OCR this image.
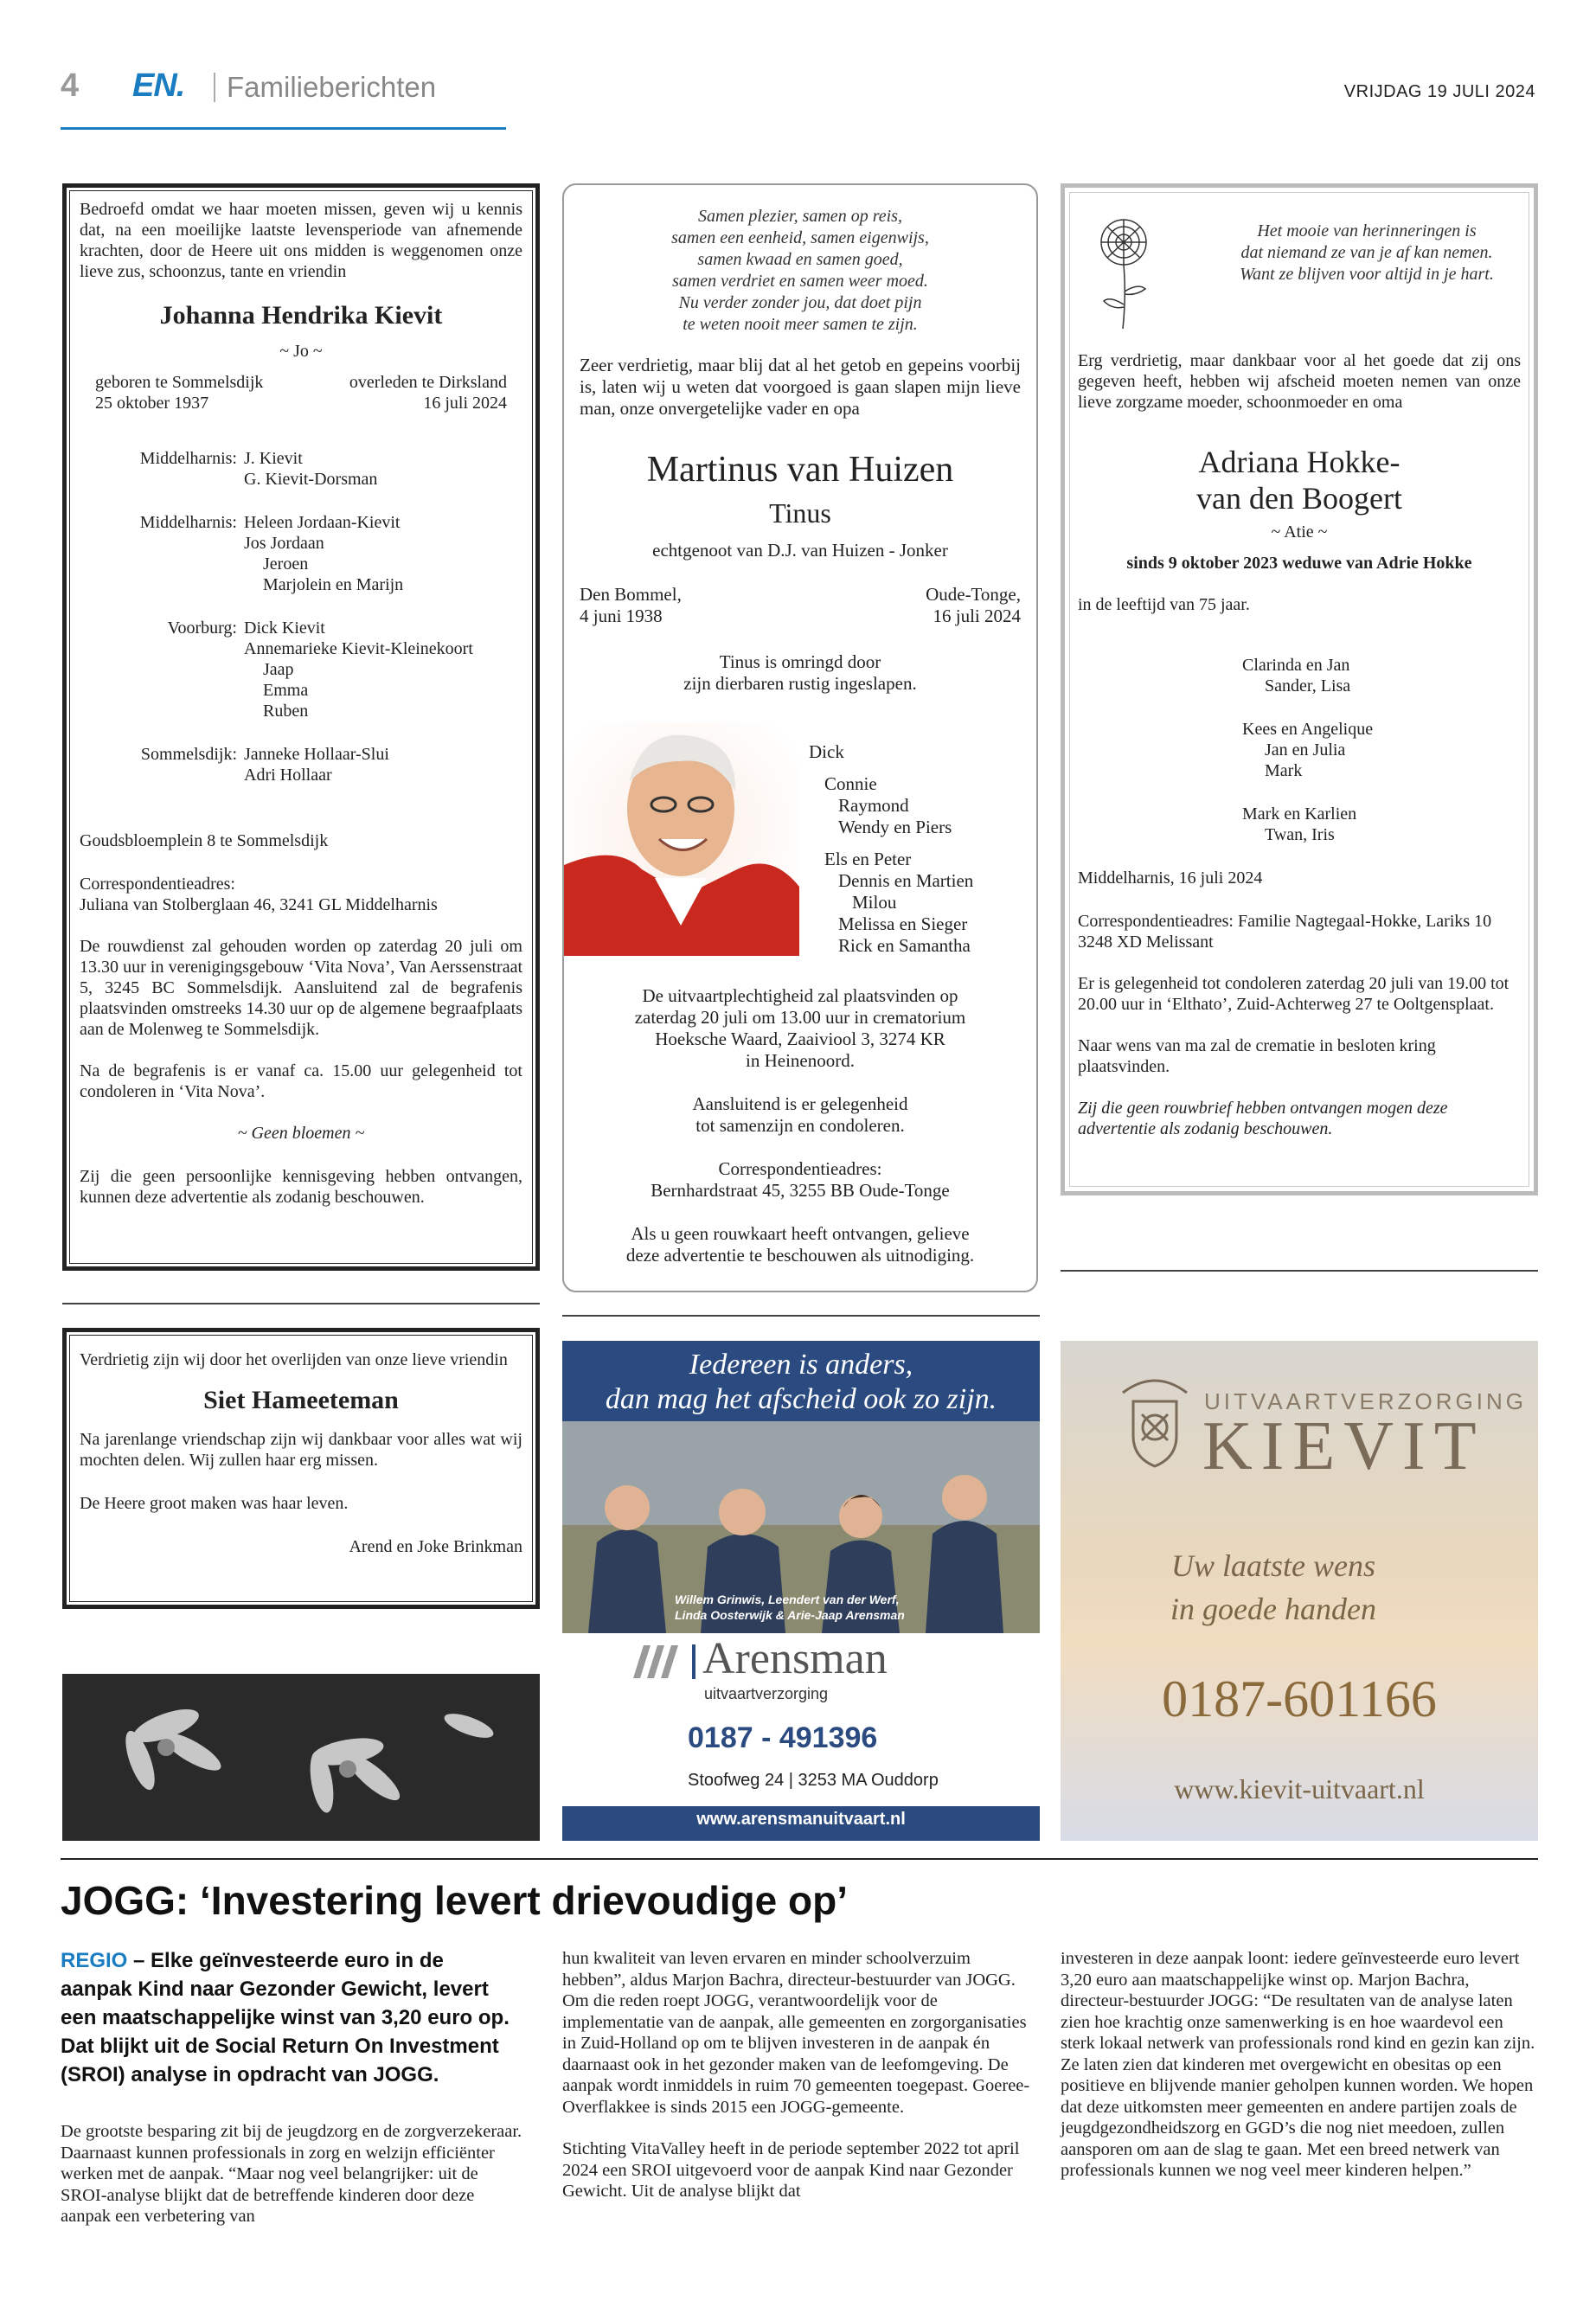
4 EN. Familieberichten	VRIJDAG 19 JULI 2024

Bedroefd omdat we haar moeten missen, geven wij u kennis dat, na een moeilijke laatste levensperiode van afnemende krachten, door de Heere uit ons midden is weggenomen onze lieve zus, schoonzus, tante en vriendin

Johanna Hendrika Kievit

~ Jo ~

geboren te Sommelsdijk
25 oktober 1937
overleden te Dirksland
16 juli 2024
Middelharnis: J. Kievit
G. Kievit-Dorsman
Middelharnis: Heleen Jordaan-Kievit
Jos Jordaan
Jeroen
Marjolein en Marijn
Voorburg: Dick Kievit
Annemarieke Kievit-Kleinekoort
Jaap
Emma
Ruben
Sommelsdijk: Janneke Hollaar-Slui
Adri Hollaar

Goudsbloemplein 8 te Sommelsdijk

Correspondentieadres:

Juliana van Stolberglaan 46, 3241 GL Middelharnis

De rouwdienst zal gehouden worden op zaterdag 20 juli om 13.30 uur in verenigingsgebouw ‘Vita Nova’, Van Aerssenstraat 5, 3245 BC Sommelsdijk. Aansluitend zal de begrafenis plaatsvinden omstreeks 14.30 uur op de algemene begraafplaats aan de Molenweg te Sommelsdijk.

Na de begrafenis is er vanaf ca. 15.00 uur gelegenheid tot condoleren in ‘Vita Nova’.

~ Geen bloemen ~

Zij die geen persoonlijke kennisgeving hebben ontvangen, kunnen deze advertentie als zodanig beschouwen.

Samen plezier, samen op reis,
samen een eenheid, samen eigenwijs,
samen kwaad en samen goed,
samen verdriet en samen weer moed.
Nu verder zonder jou, dat doet pijn
te weten nooit meer samen te zijn.

Zeer verdrietig, maar blij dat al het getob en gepeins voorbij is, laten wij u weten dat voorgoed is gaan slapen mijn lieve man, onze onvergetelijke vader en opa

Martinus van Huizen

Tinus

echtgenoot van D.J. van Huizen - Jonker

Den Bommel,
4 juni 1938
Oude-Tonge,
16 juli 2024
Tinus is omringd door
zijn dierbaren rustig ingeslapen.
Dick
Connie
Raymond
Wendy en Piers
Els en Peter
Dennis en Martien
Milou
Melissa en Sieger
Rick en Samantha
De uitvaartplechtigheid zal plaatsvinden op
zaterdag 20 juli om 13.00 uur in crematorium
Hoeksche Waard, Zaaiviool 3, 3274 KR
in Heinenoord.
Aansluitend is er gelegenheid
tot samenzijn en condoleren.
Correspondentieadres:
Bernhardstraat 45, 3255 BB Oude-Tonge
Als u geen rouwkaart heeft ontvangen, gelieve
deze advertentie te beschouwen als uitnodiging.
Het mooie van herinneringen is
dat niemand ze van je af kan nemen.
Want ze blijven voor altijd in je hart.

Erg verdrietig, maar dankbaar voor al het goede dat zij ons gegeven heeft, hebben wij afscheid moeten nemen van onze lieve zorgzame moeder, schoonmoeder en oma

Adriana Hokke-

van den Boogert

~ Atie ~

sinds 9 oktober 2023 weduwe van Adrie Hokke

in de leeftijd van 75 jaar.

Clarinda en Jan
Sander, Lisa
Kees en Angelique
Jan en Julia
Mark
Mark en Karlien
Twan, Iris

Middelharnis, 16 juli 2024

Correspondentieadres: Familie Nagtegaal-Hokke, Lariks 10 3248 XD Melissant

Er is gelegenheid tot condoleren zaterdag 20 juli van 19.00 tot 20.00 uur in ‘Elthato’, Zuid-Achterweg 27 te Ooltgensplaat.

Naar wens van ma zal de crematie in besloten kring plaatsvinden.

Zij die geen rouwbrief hebben ontvangen mogen deze advertentie als zodanig beschouwen.

Verdrietig zijn wij door het overlijden van onze lieve vriendin

Siet Hameeteman

Na jarenlange vriendschap zijn wij dankbaar voor alles wat wij mochten delen. Wij zullen haar erg missen.

De Heere groot maken was haar leven.

Arend en Joke Brinkman

Iedereen is anders,
dan mag het afscheid ook zo zijn.
Willem Grinwis, Leendert van der Werf,
Linda Oosterwijk & Arie-Jaap Arensman
Arensman
uitvaartverzorging
0187 - 491396
Stoofweg 24 | 3253 MA Ouddorp
www.arensmanuitvaart.nl
UITVAARTVERZORGING
KIEVIT
Uw laatste wens
in goede handen
0187-601166
www.kievit-uitvaart.nl
JOGG: ‘Investering levert drievoudige op’
REGIO – Elke geïnvesteerde euro in de aanpak Kind naar Gezonder Gewicht, levert een maatschappelijke winst van 3,20 euro op. Dat blijkt uit de Social Return On Investment (SROI) analyse in opdracht van JOGG.

De grootste besparing zit bij de jeugdzorg en de zorgverzekeraar. Daarnaast kunnen professionals in zorg en welzijn efficiënter werken met de aanpak. “Maar nog veel belangrijker: uit de SROI-analyse blijkt dat de betreffende kinderen door deze aanpak een verbetering van

hun kwaliteit van leven ervaren en minder schoolverzuim hebben”, aldus Marjon Bachra, directeur-bestuurder van JOGG. Om die reden roept JOGG, verantwoordelijk voor de implementatie van de aanpak, alle gemeenten en zorgorganisaties in Zuid-Holland op om te blijven investeren in de aanpak én daarnaast ook in het gezonder maken van de leefomgeving. De aanpak wordt inmiddels in ruim 70 gemeenten toegepast. Goeree-Overflakkee is sinds 2015 een JOGG-gemeente.

Stichting VitaValley heeft in de periode september 2022 tot april 2024 een SROI uitgevoerd voor de aanpak Kind naar Gezonder Gewicht. Uit de analyse blijkt dat

investeren in deze aanpak loont: iedere geïnvesteerde euro levert 3,20 euro aan maatschappelijke winst op. Marjon Bachra, directeur-bestuurder JOGG: “De resultaten van de analyse laten zien hoe krachtig onze samenwerking is en hoe waardevol een sterk lokaal netwerk van professionals rond kind en gezin kan zijn. Ze laten zien dat kinderen met overgewicht en obesitas op een positieve en blijvende manier geholpen kunnen worden. We hopen dat deze uitkomsten meer gemeenten en andere partijen zoals de jeugdgezondheidszorg en GGD’s die nog niet meedoen, zullen aansporen om aan de slag te gaan. Met een breed netwerk van professionals kunnen we nog veel meer kinderen helpen.”
